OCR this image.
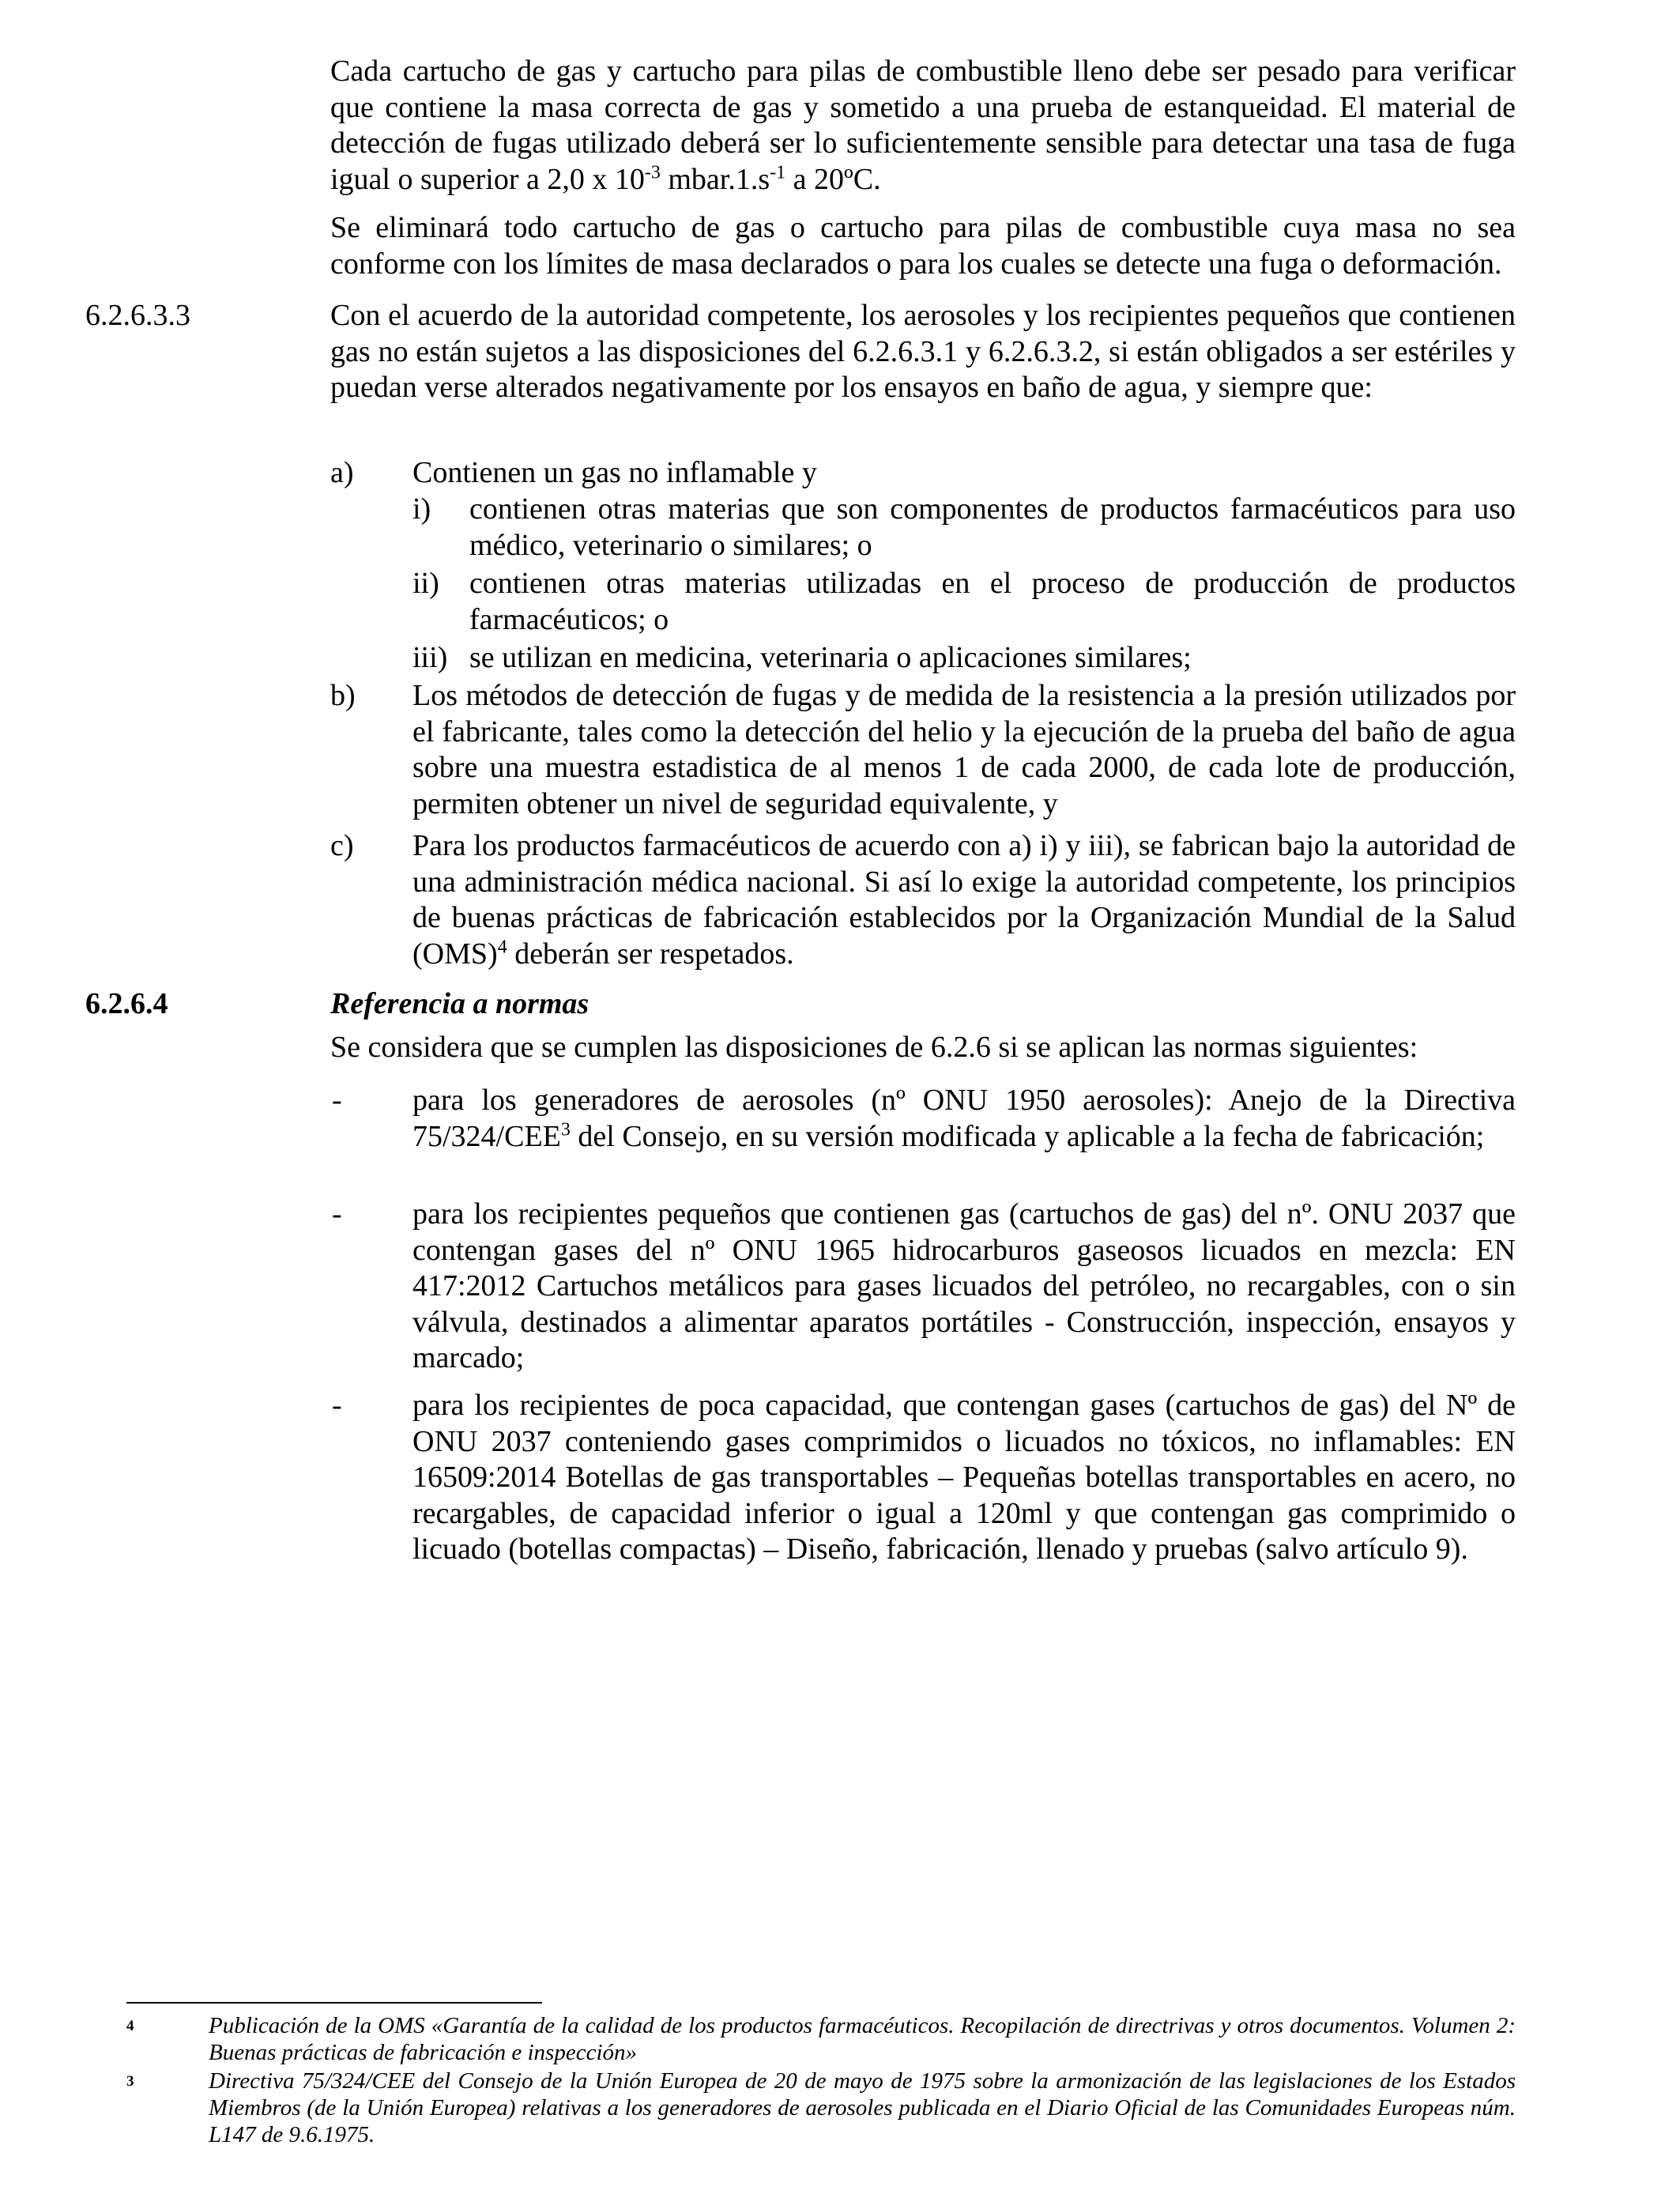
Cada cartucho de gas y cartucho para pilas de combustible lleno debe ser pesado para verificar que contiene la masa correcta de gas y sometido a una prueba de estanqueidad. El material de detección de fugas utilizado deberá ser lo suficientemente sensible para detectar una tasa de fuga igual o superior a 2,0 x $10^{-3}$ $mbar.1.s^{-1}$ a 20ºC.
Se eliminará todo cartucho de gas o cartucho para pilas de combustible cuya masa no sea conforme con los límites de masa declarados o para los cuales se detecte una fuga o deformación.
6.2.6.3.3	Con el acuerdo de la autoridad competente, los aerosoles y los recipientes pequeños que contienen gas no están sujetos a las disposiciones del 6.2.6.3.1 y 6.2.6.3.2, si están obligados a ser estériles y puedan verse alterados negativamente por los ensayos en baño de agua, y siempre que:
a) Contienen un gas no inflamable y
i) contienen otras materias que son componentes de productos farmacéuticos para uso médico, veterinario o similares; o
ii) contienen otras materias utilizadas en el proceso de producción de productos farmacéuticos; o
iii) se utilizan en medicina, veterinaria o aplicaciones similares;
b) Los métodos de detección de fugas y de medida de la resistencia a la presión utilizados por el fabricante, tales como la detección del helio y la ejecución de la prueba del baño de agua sobre una muestra estadistica de al menos 1 de cada 2000, de cada lote de producción, permiten obtener un nivel de seguridad equivalente, y
c) Para los productos farmacéuticos de acuerdo con a) i) y iii), se fabrican bajo la autoridad de una administración médica nacional. Si así lo exige la autoridad competente, los principios de buenas prácticas de fabricación establecidos por la Organización Mundial de la Salud (OMS)$^4$ deberán ser respetados.
6.2.6.4	Referencia a normas
Se considera que se cumplen las disposiciones de 6.2.6 si se aplican las normas siguientes:
- para los generadores de aerosoles (nº ONU 1950 aerosoles): Anejo de la Directiva 75/324/CEE$^3$ del Consejo, en su versión modificada y aplicable a la fecha de fabricación;
- para los recipientes pequeños que contienen gas (cartuchos de gas) del nº. ONU 2037 que contengan gases del nº ONU 1965 hidrocarburos gaseosos licuados en mezcla: EN 417:2012 Cartuchos metálicos para gases licuados del petróleo, no recargables, con o sin válvula, destinados a alimentar aparatos portátiles - Construcción, inspección, ensayos y marcado;
- para los recipientes de poca capacidad, que contengan gases (cartuchos de gas) del Nº de ONU 2037 conteniendo gases comprimidos o licuados no tóxicos, no inflamables: EN 16509:2014 Botellas de gas transportables – Pequeñas botellas transportables en acero, no recargables, de capacidad inferior o igual a 120ml y que contengan gas comprimido o licuado (botellas compactas) – Diseño, fabricación, llenado y pruebas (salvo artículo 9).
4	Publicación de la OMS «Garantía de la calidad de los productos farmacéuticos. Recopilación de directrivas y otros documentos. Volumen 2: Buenas prácticas de fabricación e inspección»
3	Directiva 75/324/CEE del Consejo de la Unión Europea de 20 de mayo de 1975 sobre la armonización de las legislaciones de los Estados Miembros (de la Unión Europea) relativas a los generadores de aerosoles publicada en el Diario Oficial de las Comunidades Europeas núm. L147 de 9.6.1975.
